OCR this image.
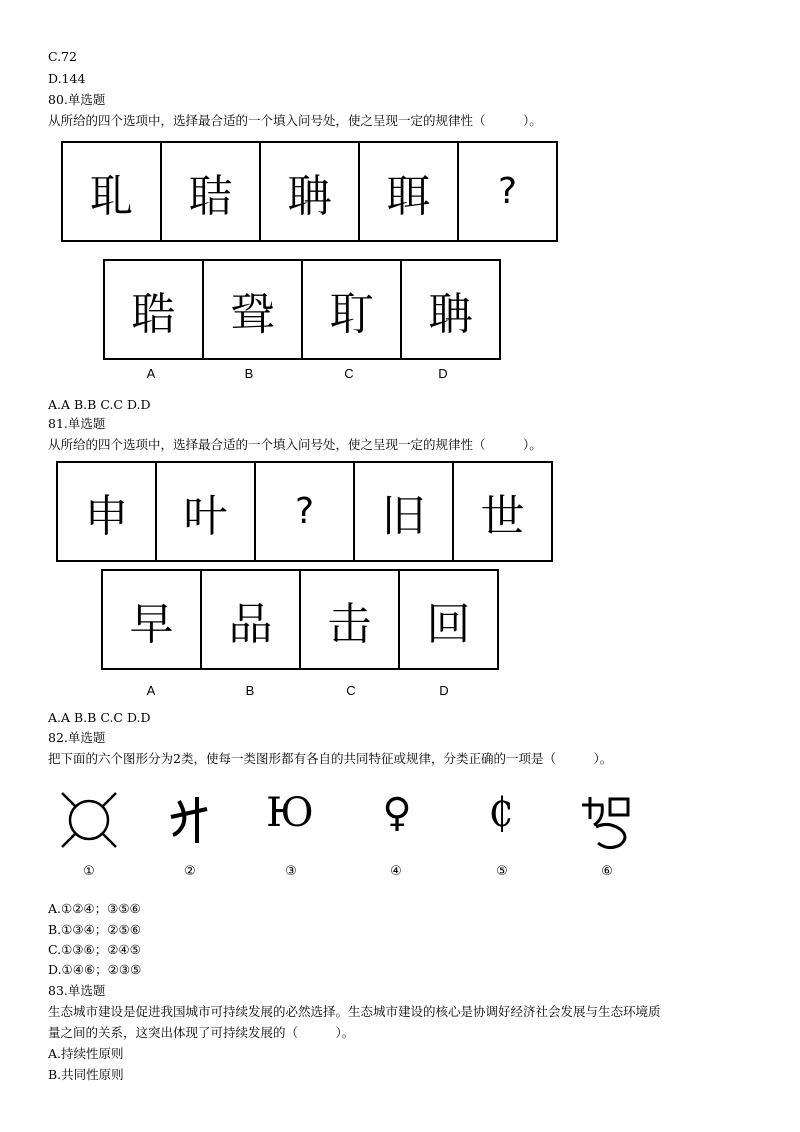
C.72
D.144
80.单选题
从所给的四个选项中，选择最合适的一个填入问号处，使之呈现一定的规律性（　　　）。
耴	聐	聃	聑	?
聕	聓	耵	聃
A	B	C	D
A.A B.B C.C D.D
81.单选题
从所给的四个选项中，选择最合适的一个填入问号处，使之呈现一定的规律性（　　　）。
申	叶	?	旧	世
早	品	击	回
A	B	C	D
A.A B.B C.C D.D
82.单选题
把下面的六个图形分为2类，使每一类图形都有各自的共同特征或规律，分类正确的一项是（　　　）。
Ю	♀	₵
①	②	③	④	⑤	⑥
A.①②④；③⑤⑥
B.①③④；②⑤⑥
C.①③⑥；②④⑤
D.①④⑥；②③⑤
83.单选题
生态城市建设是促进我国城市可持续发展的必然选择。生态城市建设的核心是协调好经济社会发展与生态环境质
量之间的关系，这突出体现了可持续发展的（　　　）。
A.持续性原则
B.共同性原则
